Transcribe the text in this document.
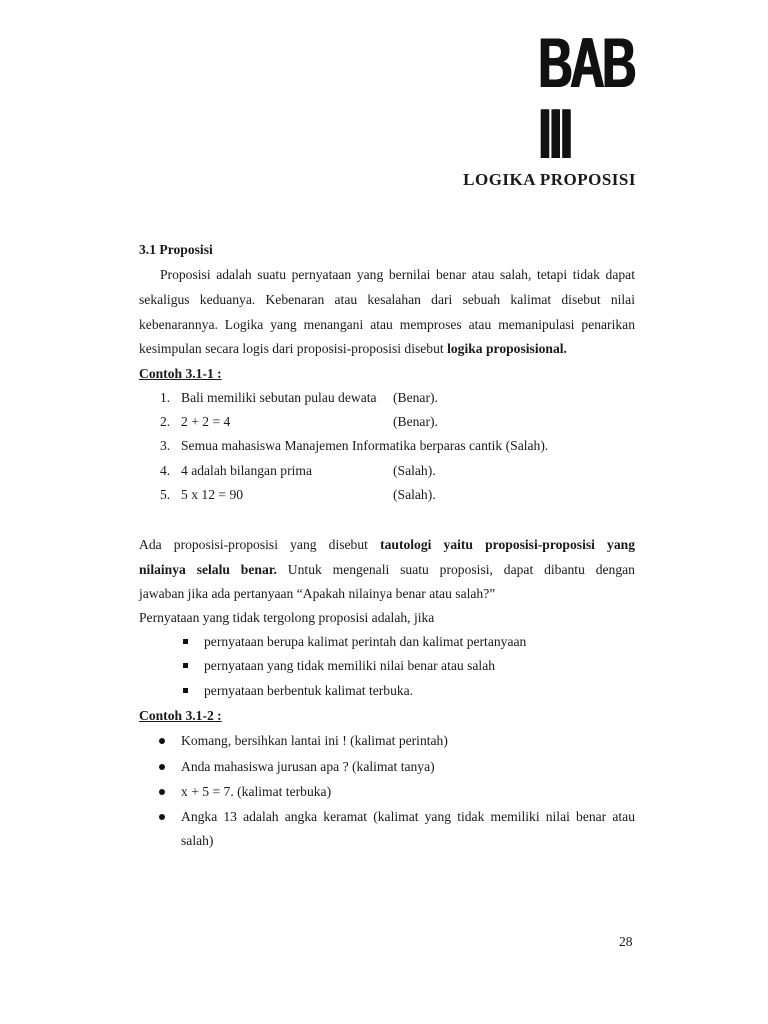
BAB III
LOGIKA PROPOSISI
3.1 Proposisi
Proposisi adalah suatu pernyataan yang bernilai benar atau salah, tetapi tidak dapat
sekaligus keduanya. Kebenaran atau kesalahan dari sebuah kalimat disebut nilai
kebenarannya. Logika yang menangani atau memproses atau memanipulasi penarikan
kesimpulan secara logis dari proposisi-proposisi disebut logika proposisional.
Contoh 3.1-1 :
1. Bali memiliki sebutan pulau dewata (Benar).
2. 2 + 2 = 4	(Benar).
3. Semua mahasiswa Manajemen Informatika berparas cantik (Salah).
4. 4 adalah bilangan prima	(Salah).
5. 5 x 12 = 90	(Salah).
Ada proposisi-proposisi yang disebut tautologi yaitu proposisi-proposisi yang
nilainya selalu benar. Untuk mengenali suatu proposisi, dapat dibantu dengan
jawaban jika ada pertanyaan “Apakah nilainya benar atau salah?”
Pernyataan yang tidak tergolong proposisi adalah, jika
pernyataan berupa kalimat perintah dan kalimat pertanyaan
pernyataan yang tidak memiliki nilai benar atau salah
pernyataan berbentuk kalimat terbuka.
Contoh 3.1-2 :
Komang, bersihkan lantai ini ! (kalimat perintah)
Anda mahasiswa jurusan apa ? (kalimat tanya)
x + 5 = 7. (kalimat terbuka)
Angka 13 adalah angka keramat (kalimat yang tidak memiliki nilai benar atau
salah)
28
